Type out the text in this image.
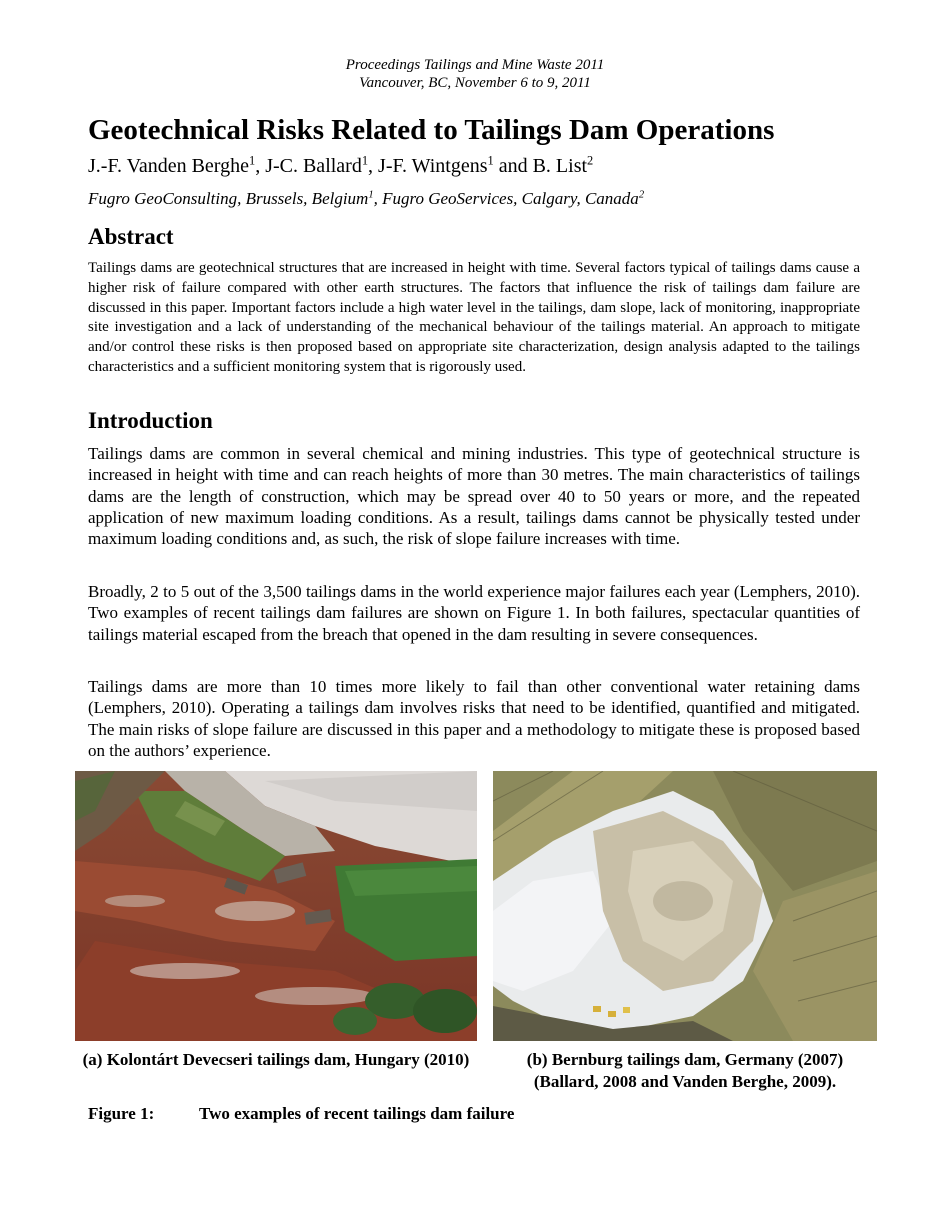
Proceedings Tailings and Mine Waste 2011
Vancouver, BC, November 6 to 9, 2011
Geotechnical Risks Related to Tailings Dam Operations
J.-F. Vanden Berghe$^1$, J-C. Ballard$^1$, J-F. Wintgens$^1$ and B. List$^2$
Fugro GeoConsulting, Brussels, Belgium$^1$, Fugro GeoServices, Calgary, Canada$^2$
Abstract

Tailings dams are geotechnical structures that are increased in height with time. Several factors typical of tailings dams cause a higher risk of failure compared with other earth structures. The factors that influence the risk of tailings dam failure are discussed in this paper. Important factors include a high water level in the tailings, dam slope, lack of monitoring, inappropriate site investigation and a lack of understanding of the mechanical behaviour of the tailings material. An approach to mitigate and/or control these risks is then proposed based on appropriate site characterization, design analysis adapted to the tailings characteristics and a sufficient monitoring system that is rigorously used.

Introduction

Tailings dams are common in several chemical and mining industries. This type of geotechnical structure is increased in height with time and can reach heights of more than 30 metres. The main characteristics of tailings dams are the length of construction, which may be spread over 40 to 50 years or more, and the repeated application of new maximum loading conditions. As a result, tailings dams cannot be physically tested under maximum loading conditions and, as such, the risk of slope failure increases with time.

Broadly, 2 to 5 out of the 3,500 tailings dams in the world experience major failures each year (Lemphers, 2010). Two examples of recent tailings dam failures are shown on Figure 1. In both failures, spectacular quantities of tailings material escaped from the breach that opened in the dam resulting in severe consequences.

Tailings dams are more than 10 times more likely to fail than other conventional water retaining dams (Lemphers, 2010). Operating a tailings dam involves risks that need to be identified, quantified and mitigated. The main risks of slope failure are discussed in this paper and a methodology to mitigate these is proposed based on the authors’ experience.

(a) Kolontárt Devecseri tailings dam, Hungary (2010)	(b) Bernburg tailings dam, Germany (2007) (Ballard, 2008 and Vanden Berghe, 2009).

Figure 1:	Two examples of recent tailings dam failure
